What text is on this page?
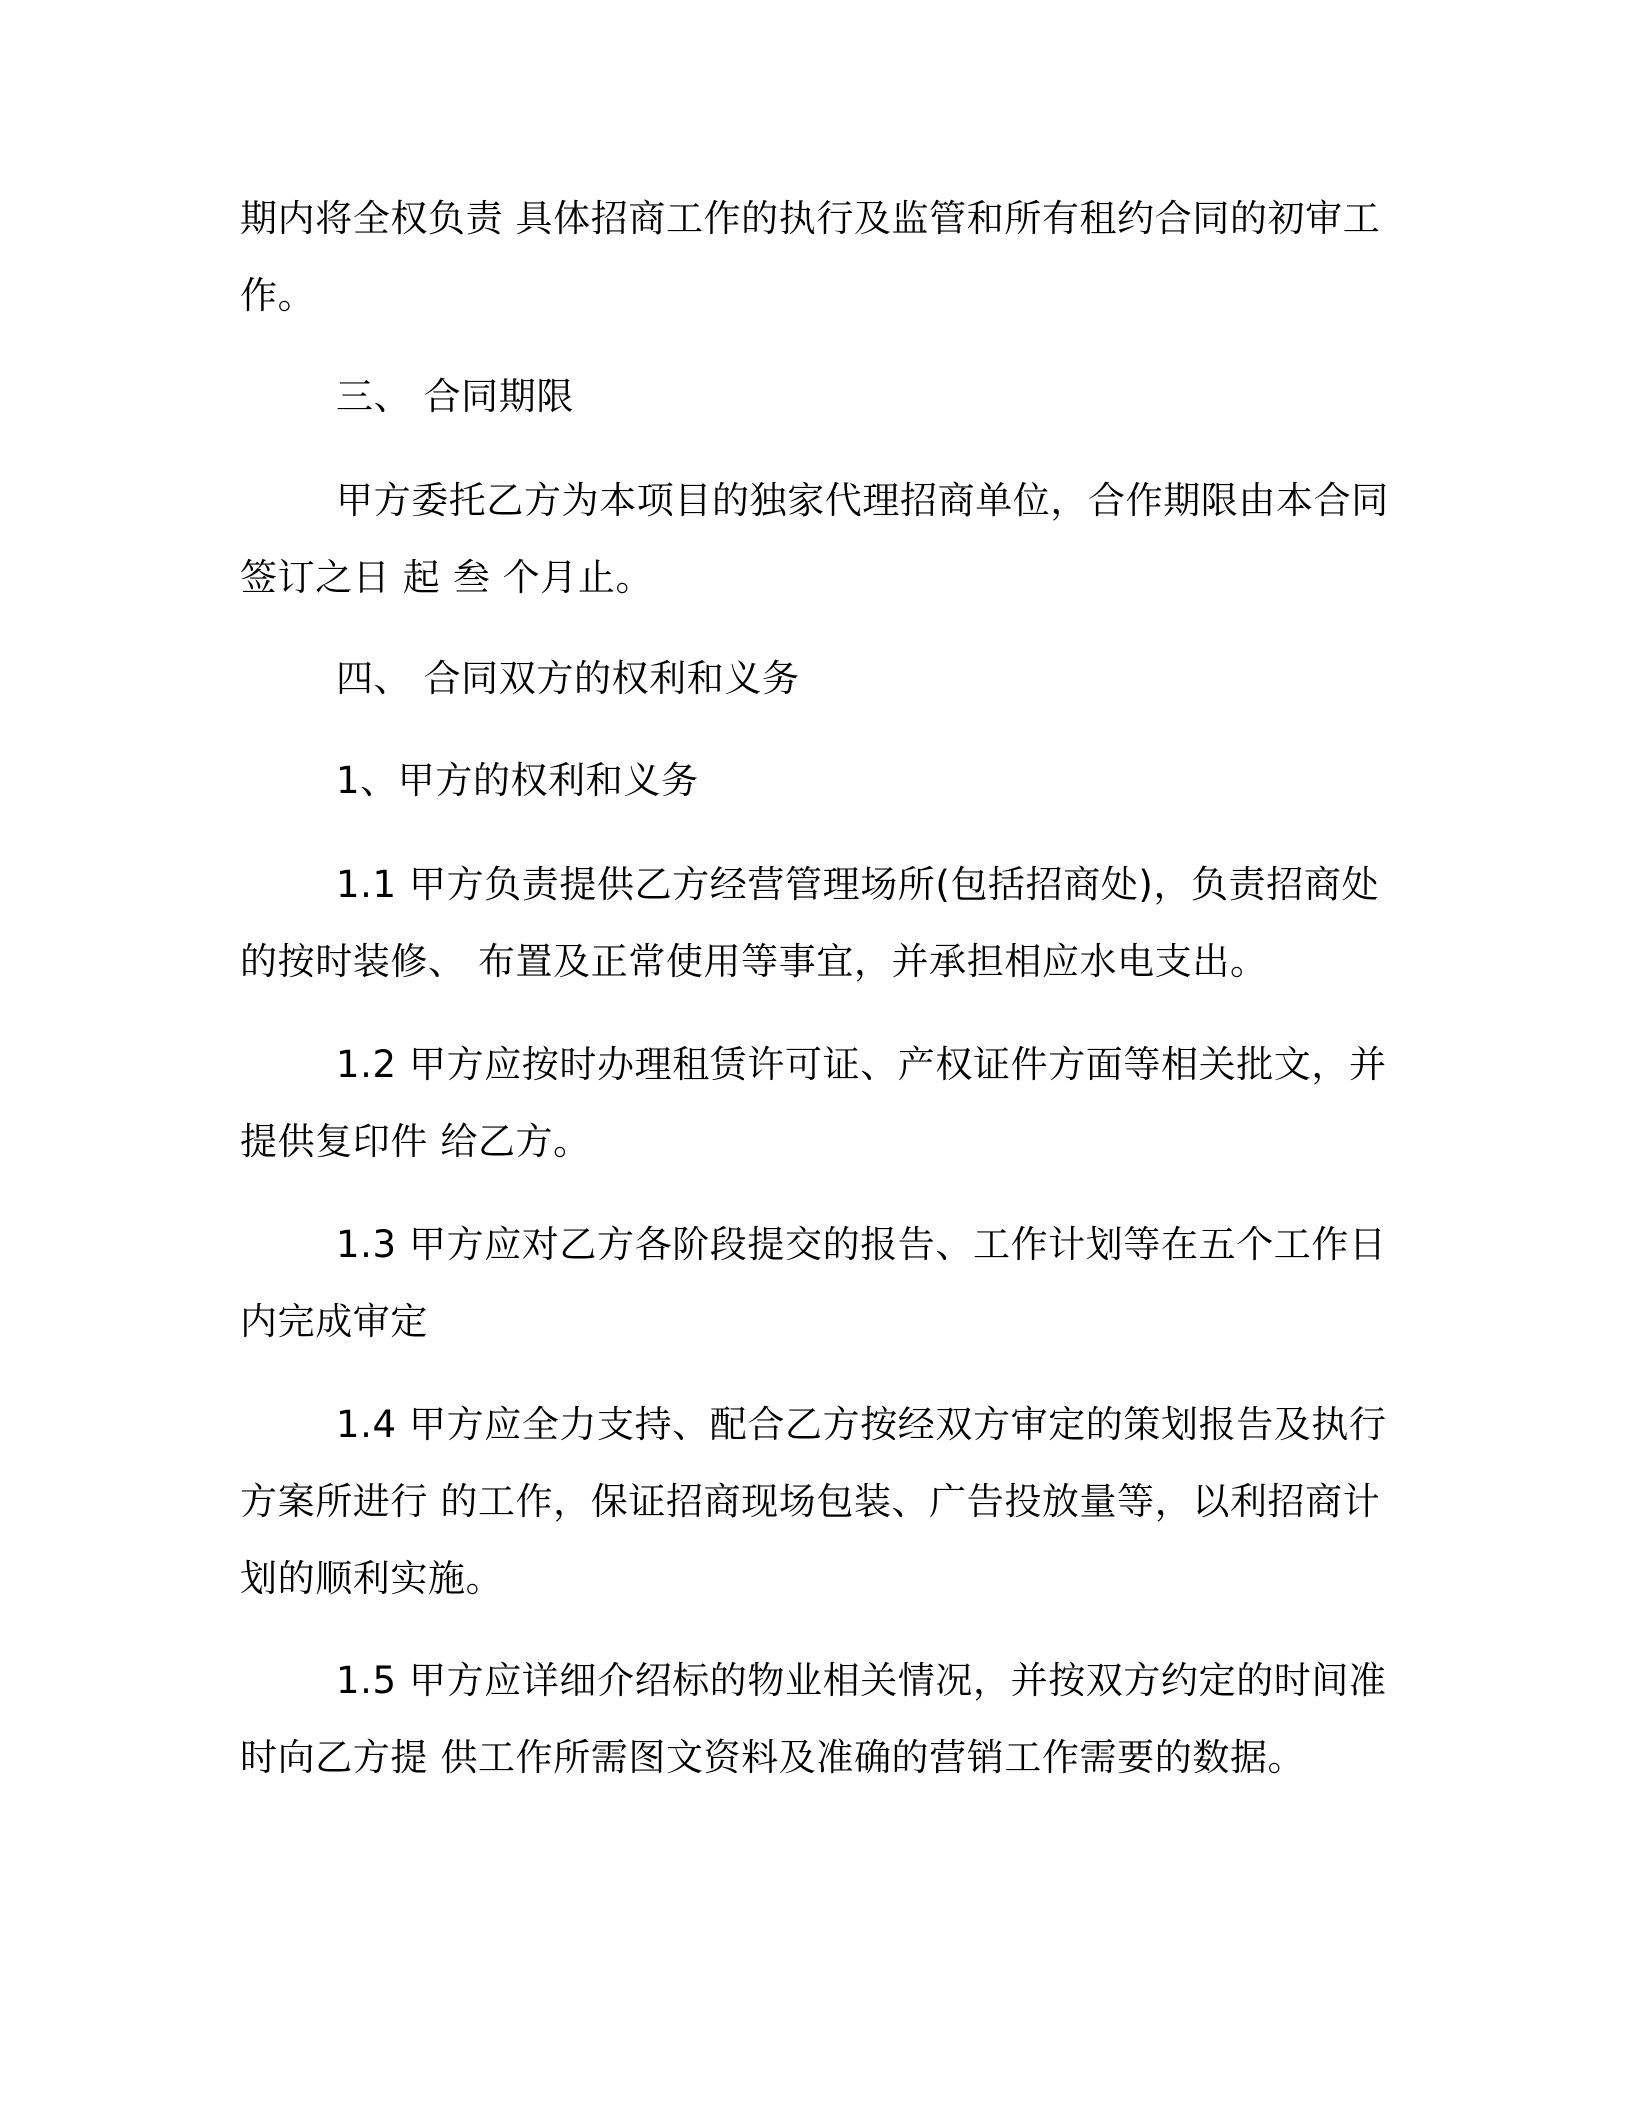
期内将全权负责 具体招商工作的执行及监管和所有租约合同的初审工作。

三、 合同期限

甲方委托乙方为本项目的独家代理招商单位，合作期限由本合同签订之日 起 叁 个月止。

四、 合同双方的权利和义务

1、甲方的权利和义务

1.1 甲方负责提供乙方经营管理场所(包括招商处)，负责招商处的按时装修、 布置及正常使用等事宜，并承担相应水电支出。

1.2 甲方应按时办理租赁许可证、产权证件方面等相关批文，并提供复印件 给乙方。

1.3 甲方应对乙方各阶段提交的报告、工作计划等在五个工作日内完成审定

1.4 甲方应全力支持、配合乙方按经双方审定的策划报告及执行方案所进行 的工作，保证招商现场包装、广告投放量等，以利招商计划的顺利实施。

1.5 甲方应详细介绍标的物业相关情况，并按双方约定的时间准时向乙方提 供工作所需图文资料及准确的营销工作需要的数据。
